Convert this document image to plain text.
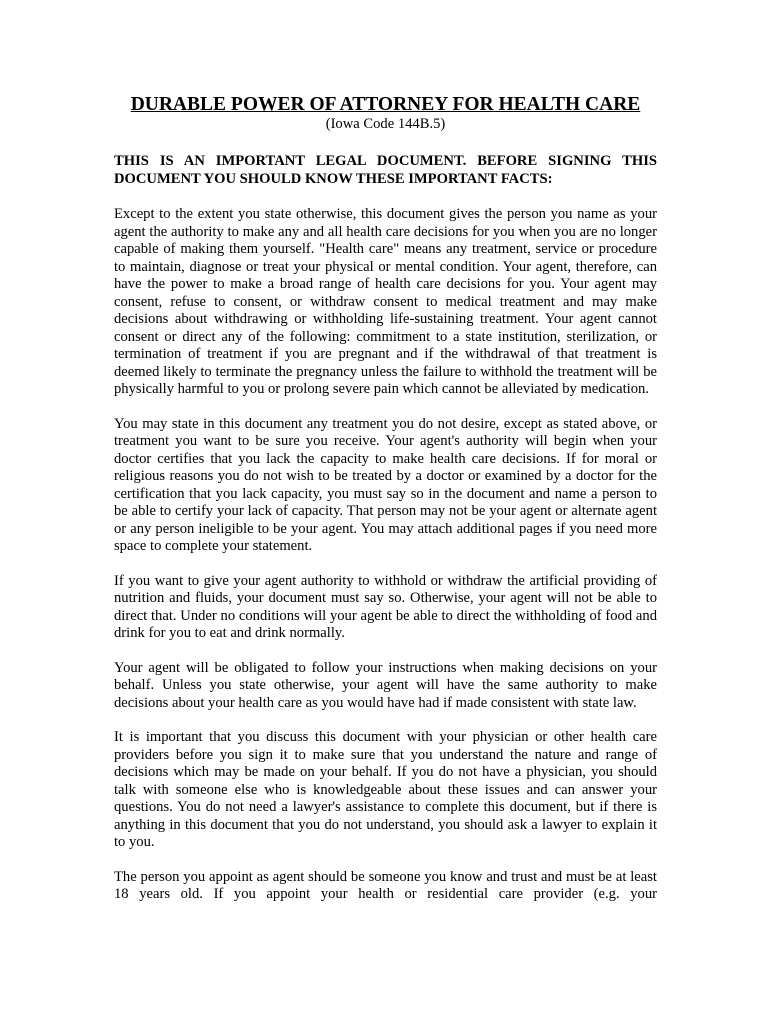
DURABLE POWER OF ATTORNEY FOR HEALTH CARE

(Iowa Code 144B.5)

THIS IS AN IMPORTANT LEGAL DOCUMENT. BEFORE SIGNING THIS DOCUMENT YOU SHOULD KNOW THESE IMPORTANT FACTS:

Except to the extent you state otherwise, this document gives the person you name as your agent the authority to make any and all health care decisions for you when you are no longer capable of making them yourself. "Health care" means any treatment, service or procedure to maintain, diagnose or treat your physical or mental condition. Your agent, therefore, can have the power to make a broad range of health care decisions for you. Your agent may consent, refuse to consent, or withdraw consent to medical treatment and may make decisions about withdrawing or withholding life-sustaining treatment. Your agent cannot consent or direct any of the following: commitment to a state institution, sterilization, or termination of treatment if you are pregnant and if the withdrawal of that treatment is deemed likely to terminate the pregnancy unless the failure to withhold the treatment will be physically harmful to you or prolong severe pain which cannot be alleviated by medication.

You may state in this document any treatment you do not desire, except as stated above, or treatment you want to be sure you receive. Your agent's authority will begin when your doctor certifies that you lack the capacity to make health care decisions. If for moral or religious reasons you do not wish to be treated by a doctor or examined by a doctor for the certification that you lack capacity, you must say so in the document and name a person to be able to certify your lack of capacity. That person may not be your agent or alternate agent or any person ineligible to be your agent. You may attach additional pages if you need more space to complete your statement.

If you want to give your agent authority to withhold or withdraw the artificial providing of nutrition and fluids, your document must say so. Otherwise, your agent will not be able to direct that. Under no conditions will your agent be able to direct the withholding of food and drink for you to eat and drink normally.

Your agent will be obligated to follow your instructions when making decisions on your behalf. Unless you state otherwise, your agent will have the same authority to make decisions about your health care as you would have had if made consistent with state law.

It is important that you discuss this document with your physician or other health care providers before you sign it to make sure that you understand the nature and range of decisions which may be made on your behalf. If you do not have a physician, you should talk with someone else who is knowledgeable about these issues and can answer your questions. You do not need a lawyer's assistance to complete this document, but if there is anything in this document that you do not understand, you should ask a lawyer to explain it to you.

The person you appoint as agent should be someone you know and trust and must be at least 18 years old. If you appoint your health or residential care provider (e.g. your
